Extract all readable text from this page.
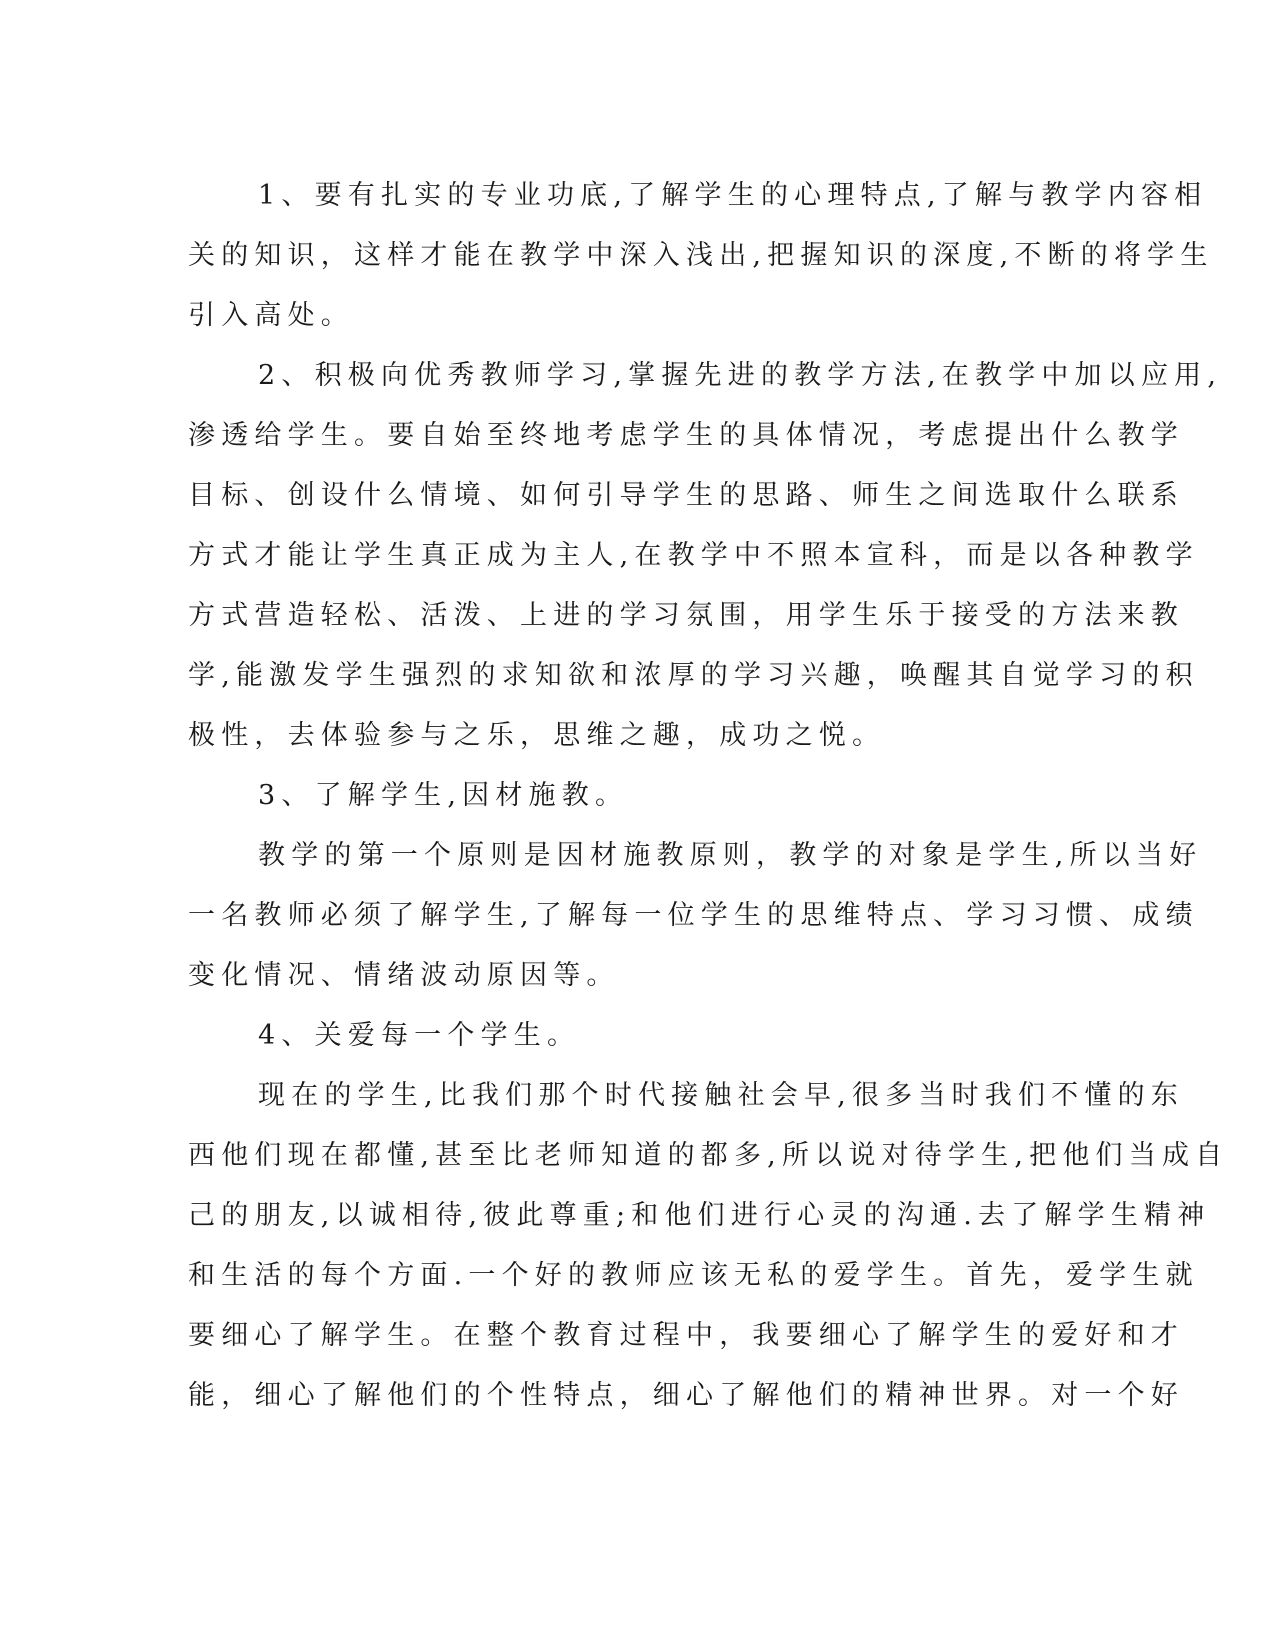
1、要有扎实的专业功底,了解学生的心理特点,了解与教学内容相
关的知识，这样才能在教学中深入浅出,把握知识的深度,不断的将学生
引入高处。
2、积极向优秀教师学习,掌握先进的教学方法,在教学中加以应用,
渗透给学生。要自始至终地考虑学生的具体情况，考虑提出什么教学
目标、创设什么情境、如何引导学生的思路、师生之间选取什么联系
方式才能让学生真正成为主人,在教学中不照本宣科，而是以各种教学
方式营造轻松、活泼、上进的学习氛围，用学生乐于接受的方法来教
学,能激发学生强烈的求知欲和浓厚的学习兴趣，唤醒其自觉学习的积
极性，去体验参与之乐，思维之趣，成功之悦。
3、了解学生,因材施教。
教学的第一个原则是因材施教原则，教学的对象是学生,所以当好
一名教师必须了解学生,了解每一位学生的思维特点、学习习惯、成绩
变化情况、情绪波动原因等。
4、关爱每一个学生。
现在的学生,比我们那个时代接触社会早,很多当时我们不懂的东
西他们现在都懂,甚至比老师知道的都多,所以说对待学生,把他们当成自
己的朋友,以诚相待,彼此尊重;和他们进行心灵的沟通.去了解学生精神
和生活的每个方面.一个好的教师应该无私的爱学生。首先，爱学生就
要细心了解学生。在整个教育过程中，我要细心了解学生的爱好和才
能，细心了解他们的个性特点，细心了解他们的精神世界。对一个好
